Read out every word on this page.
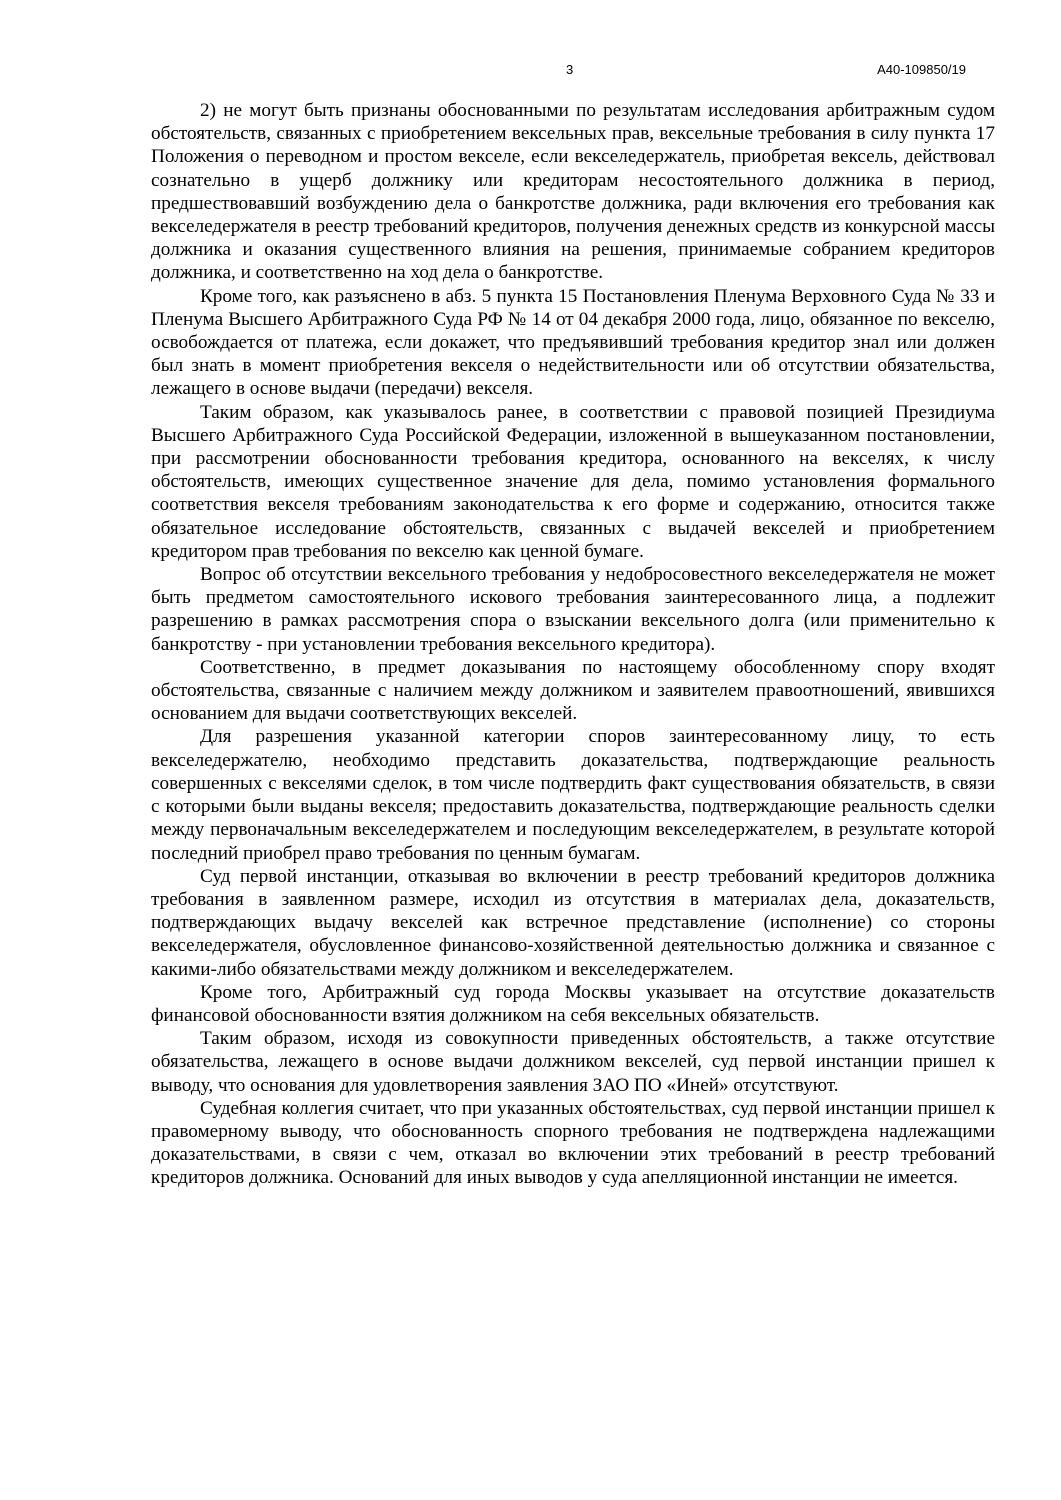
3	А40-109850/19

2) не могут быть признаны обоснованными по результатам исследования арбитражным судом обстоятельств, связанных с приобретением вексельных прав, вексельные требования в силу пункта 17 Положения о переводном и простом векселе, если векселедержатель, приобретая вексель, действовал сознательно в ущерб должнику или кредиторам несостоятельного должника в период, предшествовавший возбуждению дела о банкротстве должника, ради включения его требования как векселедержателя в реестр требований кредиторов, получения денежных средств из конкурсной массы должника и оказания существенного влияния на решения, принимаемые собранием кредиторов должника, и соответственно на ход дела о банкротстве.

Кроме того, как разъяснено в абз. 5 пункта 15 Постановления Пленума Верховного Суда № 33 и Пленума Высшего Арбитражного Суда РФ № 14 от 04 декабря 2000 года, лицо, обязанное по векселю, освобождается от платежа, если докажет, что предъявивший требования кредитор знал или должен был знать в момент приобретения векселя о недействительности или об отсутствии обязательства, лежащего в основе выдачи (передачи) векселя.

Таким образом, как указывалось ранее, в соответствии с правовой позицией Президиума Высшего Арбитражного Суда Российской Федерации, изложенной в вышеуказанном постановлении, при рассмотрении обоснованности требования кредитора, основанного на векселях, к числу обстоятельств, имеющих существенное значение для дела, помимо установления формального соответствия векселя требованиям законодательства к его форме и содержанию, относится также обязательное исследование обстоятельств, связанных с выдачей векселей и приобретением кредитором прав требования по векселю как ценной бумаге.

Вопрос об отсутствии вексельного требования у недобросовестного векселедержателя не может быть предметом самостоятельного искового требования заинтересованного лица, а подлежит разрешению в рамках рассмотрения спора о взыскании вексельного долга (или применительно к банкротству - при установлении требования вексельного кредитора).

Соответственно, в предмет доказывания по настоящему обособленному спору входят обстоятельства, связанные с наличием между должником и заявителем правоотношений, явившихся основанием для выдачи соответствующих векселей.

Для разрешения указанной категории споров заинтересованному лицу, то есть векселедержателю, необходимо представить доказательства, подтверждающие реальность совершенных с векселями сделок, в том числе подтвердить факт существования обязательств, в связи с которыми были выданы векселя; предоставить доказательства, подтверждающие реальность сделки между первоначальным векселедержателем и последующим векселедержателем, в результате которой последний приобрел право требования по ценным бумагам.

Суд первой инстанции, отказывая во включении в реестр требований кредиторов должника требования в заявленном размере, исходил из отсутствия в материалах дела, доказательств, подтверждающих выдачу векселей как встречное представление (исполнение) со стороны векселедержателя, обусловленное финансово-хозяйственной деятельностью должника и связанное с какими-либо обязательствами между должником и векселедержателем.

Кроме того, Арбитражный суд города Москвы указывает на отсутствие доказательств финансовой обоснованности взятия должником на себя вексельных обязательств.

Таким образом, исходя из совокупности приведенных обстоятельств, а также отсутствие обязательства, лежащего в основе выдачи должником векселей, суд первой инстанции пришел к выводу, что основания для удовлетворения заявления ЗАО ПО «Иней» отсутствуют.

Судебная коллегия считает, что при указанных обстоятельствах, суд первой инстанции пришел к правомерному выводу, что обоснованность спорного требования не подтверждена надлежащими доказательствами, в связи с чем, отказал во включении этих требований в реестр требований кредиторов должника. Оснований для иных выводов у суда апелляционной инстанции не имеется.
